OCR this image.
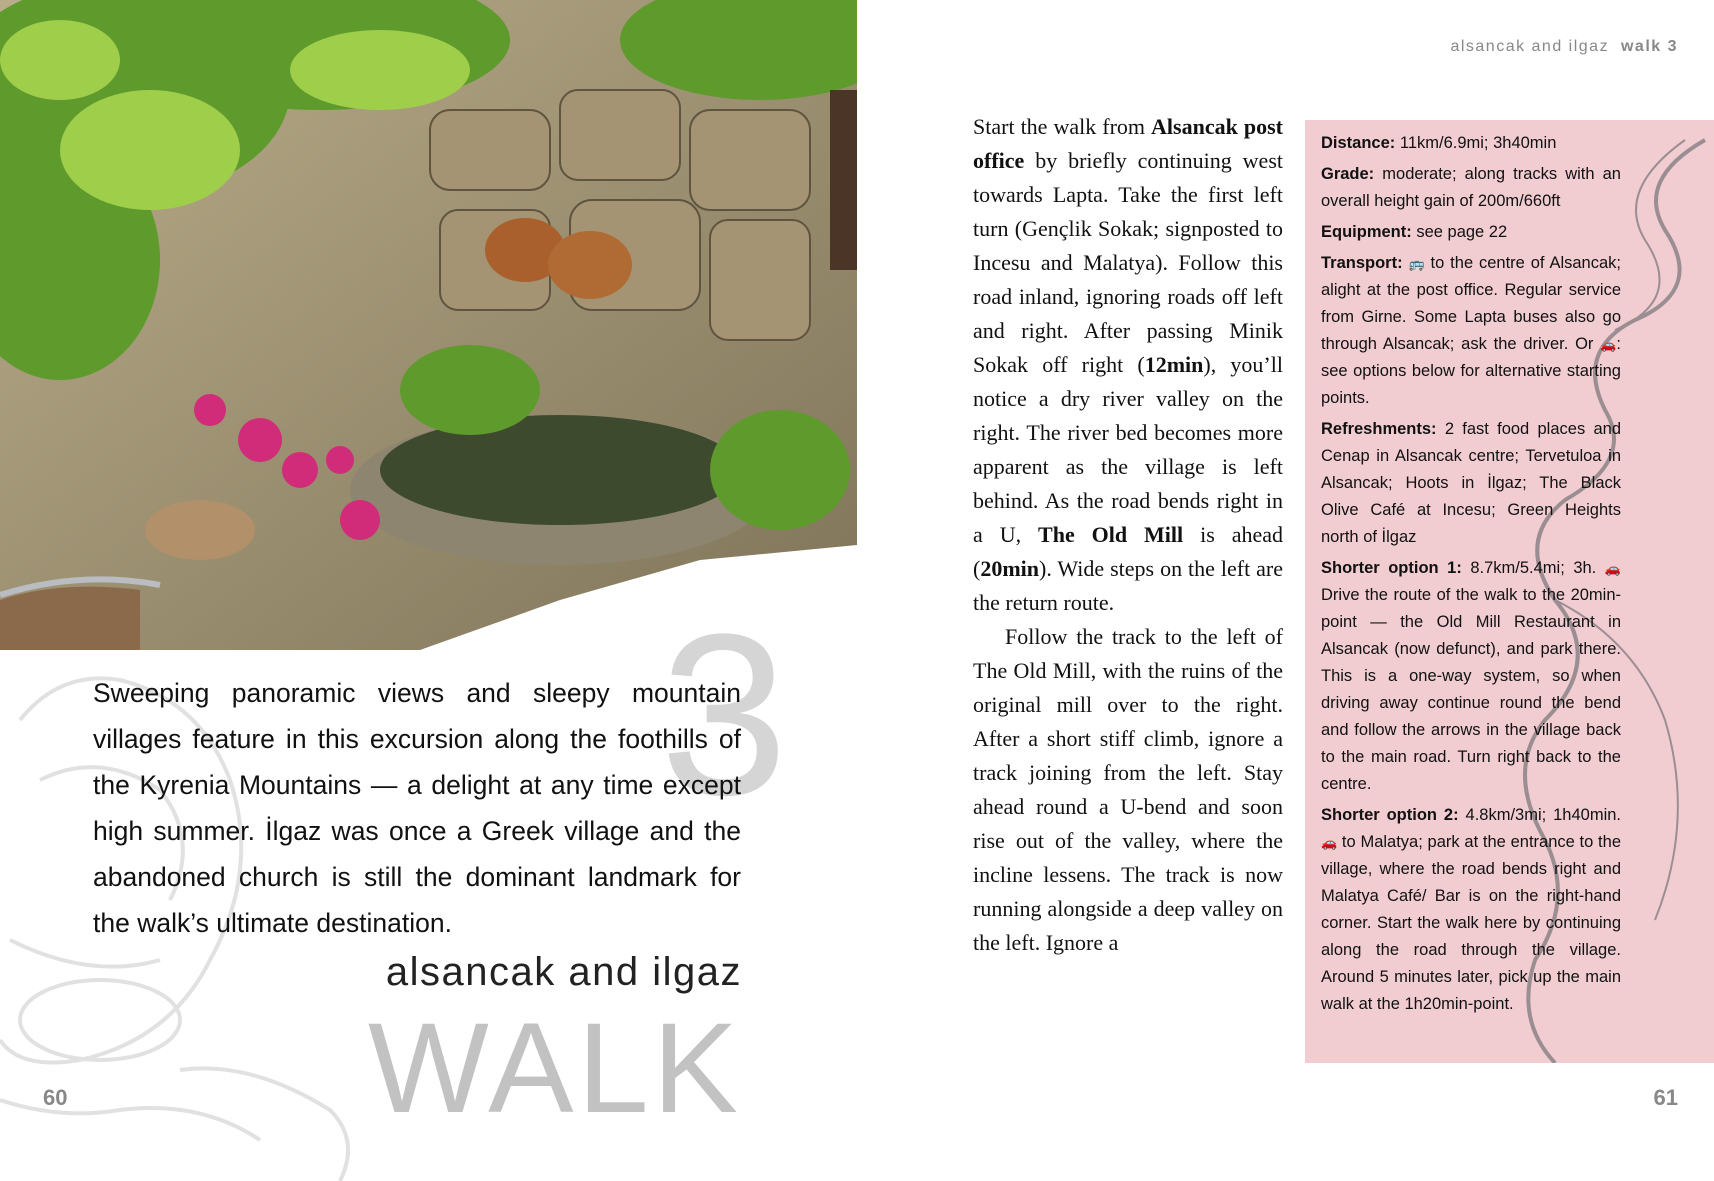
3
Sweeping panoramic views and sleepy mountain villages feature in this excursion along the foothills of the Kyrenia Mountains — a delight at any time except high summer. İlgaz was once a Greek village and the abandoned church is still the dominant landmark for the walk’s ultimate destination.
alsancak and ilgaz
WALK
60
alsancak and ilgaz walk 3

Start the walk from Alsancak post office by briefly continuing west towards Lapta. Take the first left turn (Gençlik Sokak; signposted to Incesu and Malatya). Follow this road inland, ignoring roads off left and right. After passing Minik Sokak off right (12min), you’ll notice a dry river valley on the right. The river bed becomes more apparent as the village is left behind. As the road bends right in a U, The Old Mill is ahead (20min). Wide steps on the left are the return route.

Follow the track to the left of The Old Mill, with the ruins of the original mill over to the right. After a short stiff climb, ignore a track joining from the left. Stay ahead round a U-bend and soon rise out of the valley, where the incline lessens. The track is now running alongside a deep valley on the left. Ignore a

Distance: 11km/6.9mi; 3h40min

Grade: moderate; along tracks with an overall height gain of 200m/660ft

Equipment: see page 22

Transport: 🚌 to the centre of Alsancak; alight at the post office. Regular service from Girne. Some Lapta buses also go through Alsancak; ask the driver. Or 🚗: see options below for alternative starting points.

Refreshments: 2 fast food places and Cenap in Alsancak centre; Tervetuloa in Alsancak; Hoots in İlgaz; The Black Olive Café at Incesu; Green Heights north of İlgaz

Shorter option 1: 8.7km/5.4mi; 3h. 🚗 Drive the route of the walk to the 20min-point — the Old Mill Restaurant in Alsancak (now defunct), and park there. This is a one-way system, so when driving away continue round the bend and follow the arrows in the village back to the main road. Turn right back to the centre.

Shorter option 2: 4.8km/3mi; 1h40min. 🚗 to Malatya; park at the entrance to the village, where the road bends right and Malatya Café/ Bar is on the right-hand corner. Start the walk here by continuing along the road through the village. Around 5 minutes later, pick up the main walk at the 1h20min-point.

61
